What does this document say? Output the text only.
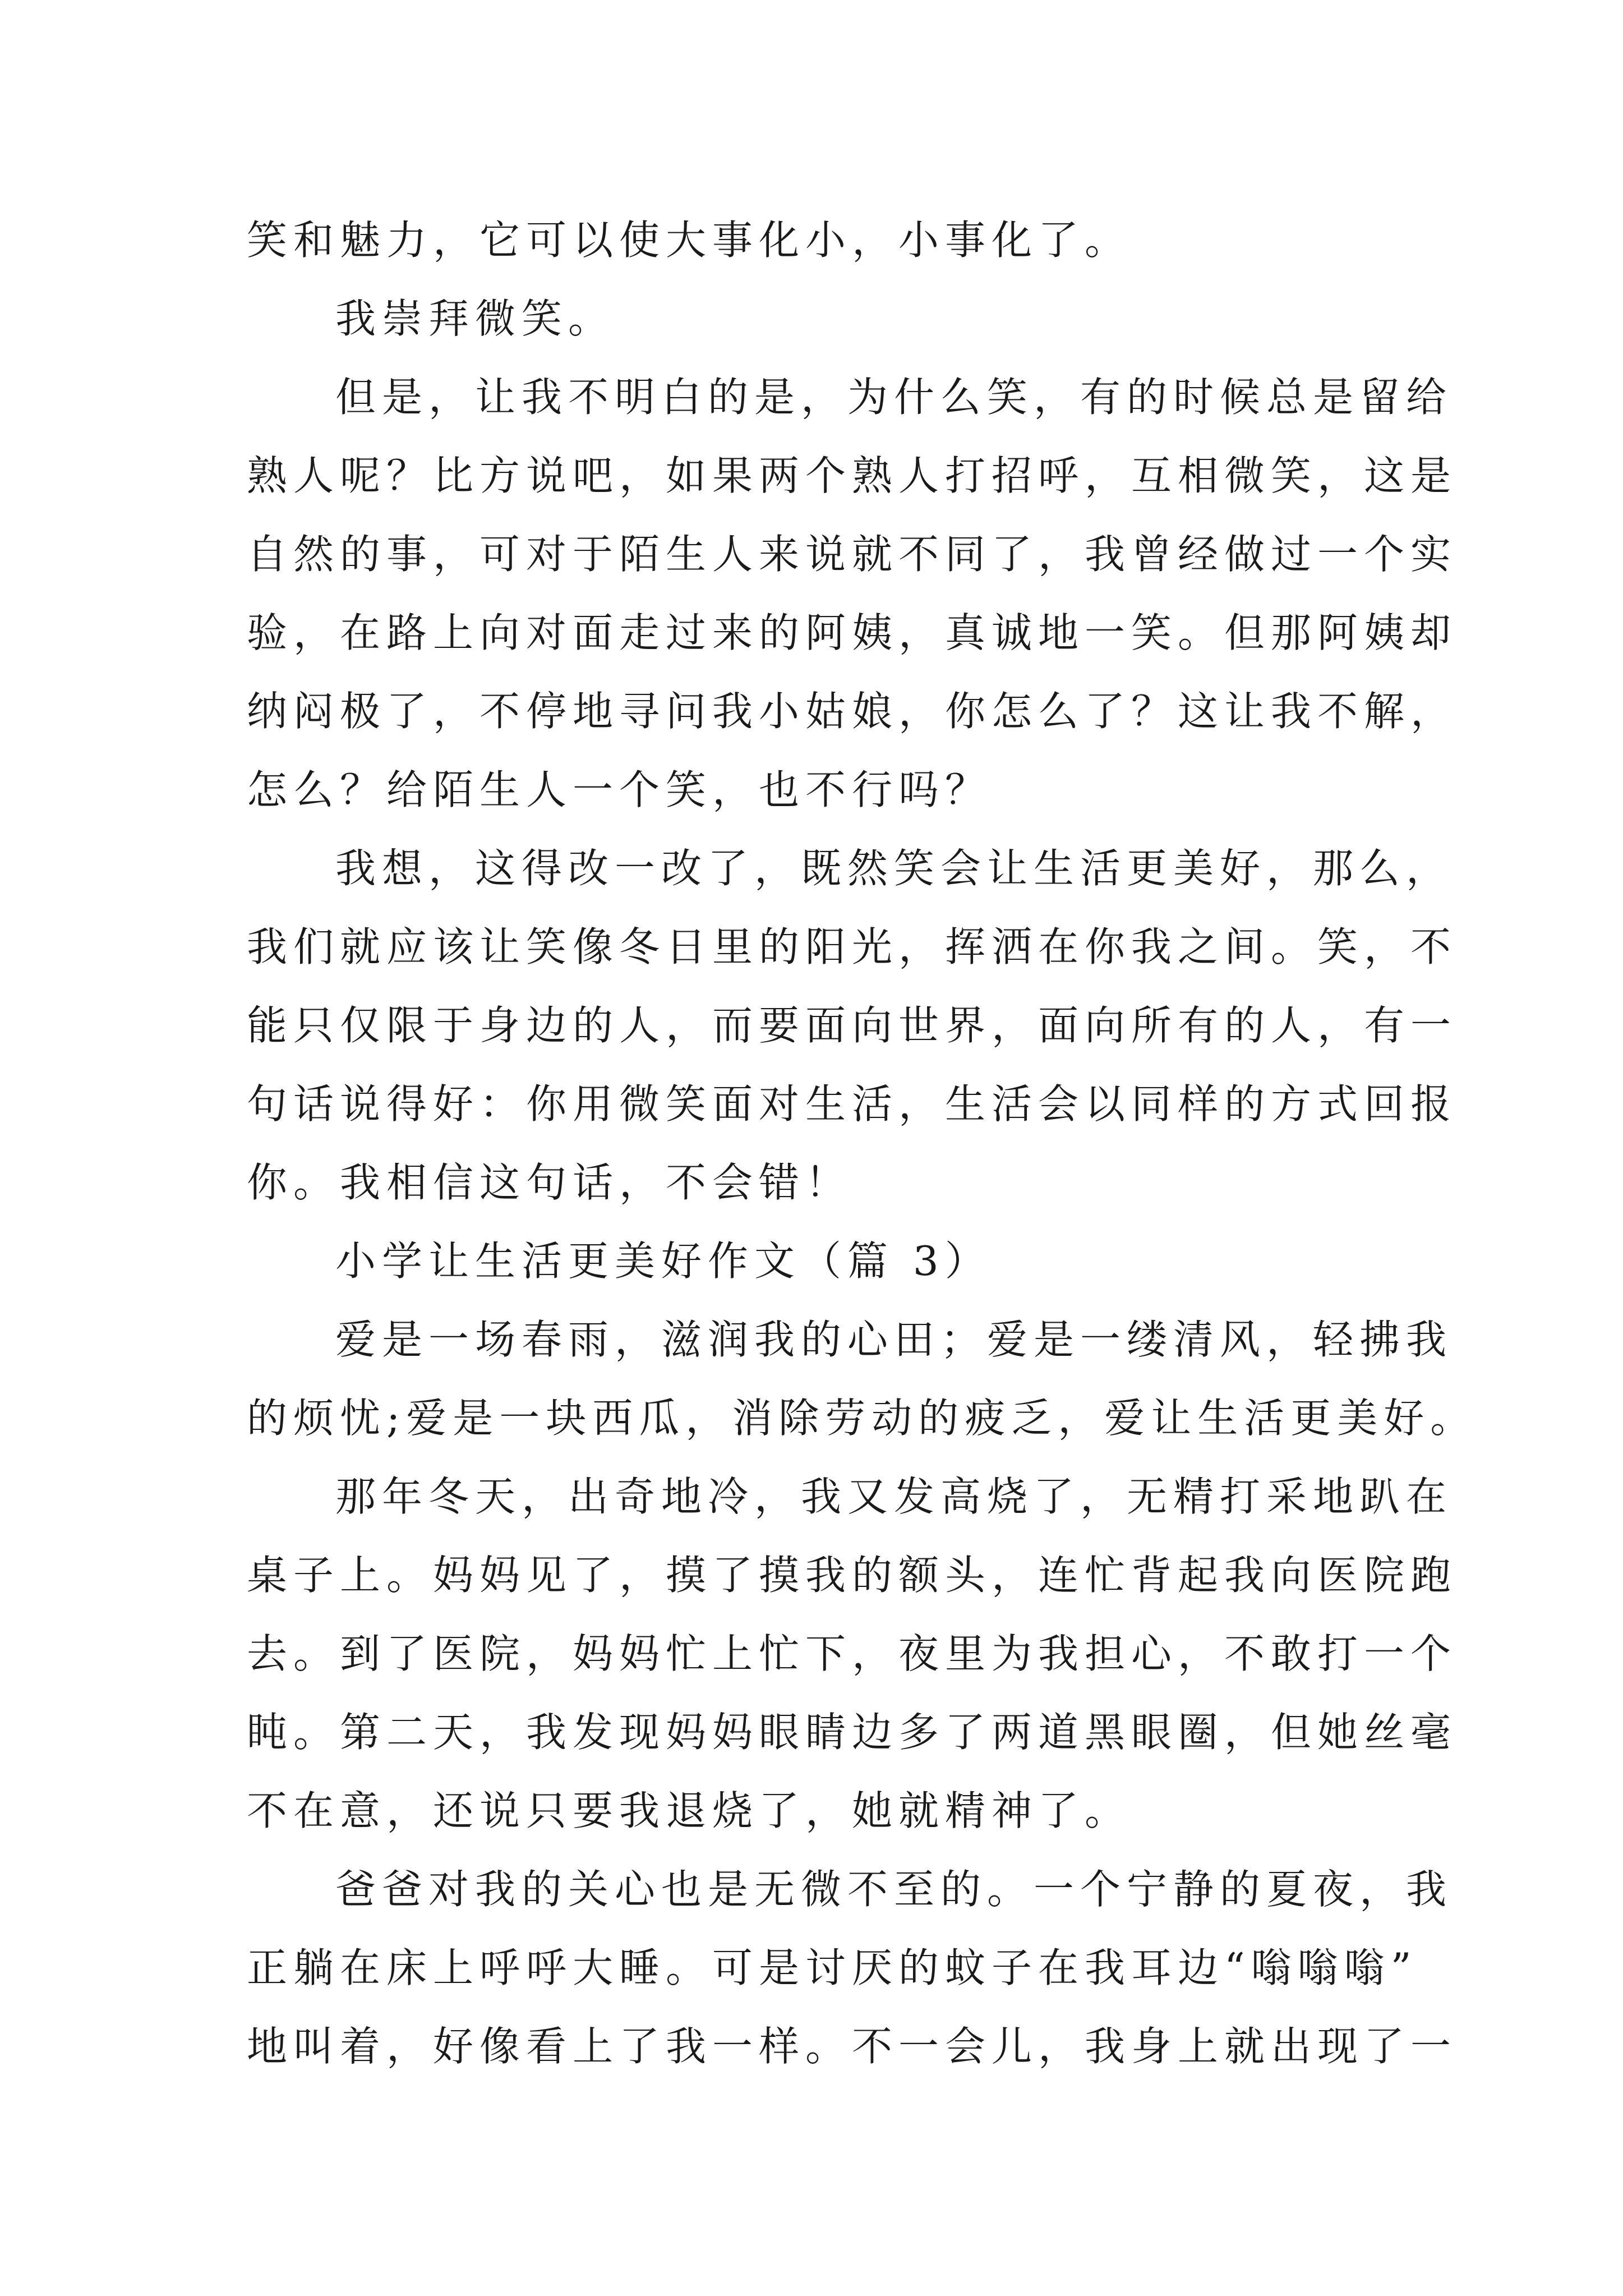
笑和魅力，它可以使大事化小，小事化了。
我崇拜微笑。
但是，让我不明白的是，为什么笑，有的时候总是留给
熟人呢？比方说吧，如果两个熟人打招呼，互相微笑，这是
自然的事，可对于陌生人来说就不同了，我曾经做过一个实
验，在路上向对面走过来的阿姨，真诚地一笑。但那阿姨却
纳闷极了，不停地寻问我小姑娘，你怎么了？这让我不解，
怎么？给陌生人一个笑，也不行吗？
我想，这得改一改了，既然笑会让生活更美好，那么，
我们就应该让笑像冬日里的阳光，挥洒在你我之间。笑，不
能只仅限于身边的人，而要面向世界，面向所有的人，有一
句话说得好：你用微笑面对生活，生活会以同样的方式回报
你。我相信这句话，不会错！
小学让生活更美好作文（篇 3）
爱是一场春雨，滋润我的心田；爱是一缕清风，轻拂我
的烦忧;爱是一块西瓜，消除劳动的疲乏，爱让生活更美好。
那年冬天，出奇地冷，我又发高烧了，无精打采地趴在
桌子上。妈妈见了，摸了摸我的额头，连忙背起我向医院跑
去。到了医院，妈妈忙上忙下，夜里为我担心，不敢打一个
盹。第二天，我发现妈妈眼睛边多了两道黑眼圈，但她丝毫
不在意，还说只要我退烧了，她就精神了。
爸爸对我的关心也是无微不至的。一个宁静的夏夜，我
正躺在床上呼呼大睡。可是讨厌的蚊子在我耳边“嗡嗡嗡”
地叫着，好像看上了我一样。不一会儿，我身上就出现了一
